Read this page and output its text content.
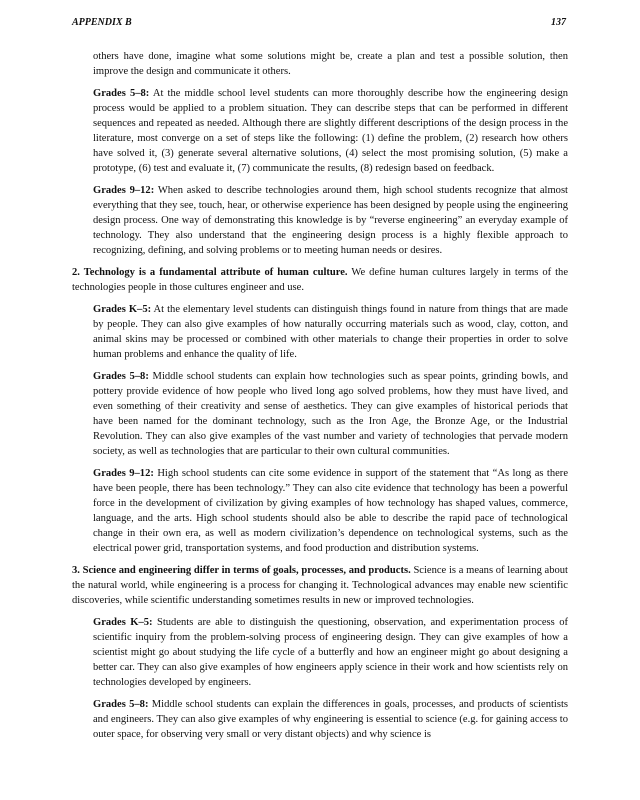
APPENDIX B	137

others have done, imagine what some solutions might be, create a plan and test a possible solution, then improve the design and communicate it others.

Grades 5–8: At the middle school level students can more thoroughly describe how the engineering design process would be applied to a problem situation. They can describe steps that can be performed in different sequences and repeated as needed. Although there are slightly different descriptions of the design process in the literature, most converge on a set of steps like the following: (1) define the problem, (2) research how others have solved it, (3) generate several alternative solutions, (4) select the most promising solution, (5) make a prototype, (6) test and evaluate it, (7) communicate the results, (8) redesign based on feedback.

Grades 9–12: When asked to describe technologies around them, high school students recognize that almost everything that they see, touch, hear, or otherwise experience has been designed by people using the engineering design process. One way of demonstrating this knowledge is by “reverse engineering” an everyday example of technology. They also understand that the engineering design process is a highly flexible approach to recognizing, defining, and solving problems or to meeting human needs or desires.

2. Technology is a fundamental attribute of human culture. We define human cultures largely in terms of the technologies people in those cultures engineer and use.

Grades K–5: At the elementary level students can distinguish things found in nature from things that are made by people. They can also give examples of how naturally occurring materials such as wood, clay, cotton, and animal skins may be processed or combined with other materials to change their properties in order to solve human problems and enhance the quality of life.

Grades 5–8: Middle school students can explain how technologies such as spear points, grinding bowls, and pottery provide evidence of how people who lived long ago solved problems, how they must have lived, and even something of their creativity and sense of aesthetics. They can give examples of historical periods that have been named for the dominant technology, such as the Iron Age, the Bronze Age, or the Industrial Revolution. They can also give examples of the vast number and variety of technologies that pervade modern society, as well as technologies that are particular to their own cultural communities.

Grades 9–12: High school students can cite some evidence in support of the statement that “As long as there have been people, there has been technology.” They can also cite evidence that technology has been a powerful force in the development of civilization by giving examples of how technology has shaped values, commerce, language, and the arts. High school students should also be able to describe the rapid pace of technological change in their own era, as well as modern civilization’s dependence on technological systems, such as the electrical power grid, transportation systems, and food production and distribution systems.

3. Science and engineering differ in terms of goals, processes, and products. Science is a means of learning about the natural world, while engineering is a process for changing it. Technological advances may enable new scientific discoveries, while scientific understanding sometimes results in new or improved technologies.

Grades K–5: Students are able to distinguish the questioning, observation, and experimentation process of scientific inquiry from the problem-solving process of engineering design. They can give examples of how a scientist might go about studying the life cycle of a butterfly and how an engineer might go about designing a better car. They can also give examples of how engineers apply science in their work and how scientists rely on technologies developed by engineers.

Grades 5–8: Middle school students can explain the differences in goals, processes, and products of scientists and engineers. They can also give examples of why engineering is essential to science (e.g. for gaining access to outer space, for observing very small or very distant objects) and why science is
